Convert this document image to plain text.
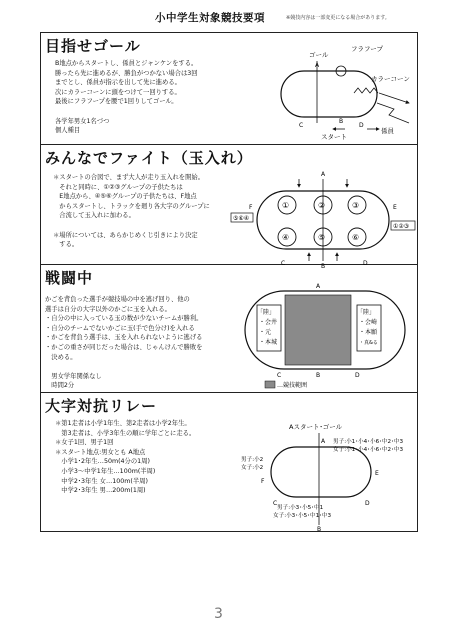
小中学生対象競技要項	※競技内容は一部変更になる場合があります。
目指せゴール
B地点からスタートし、係員とジャンケンをする。
勝ったら先に進めるが、勝負がつかない場合は3回
までとし、係員が指示を出して先に進める。
次にカラーコーンに頭をつけて一回りする。
最後にフラフープを腰で1回りしてゴール。

各学年男女1名づつ
個人種目
ゴール
フラフープ
カラーコーン
スタート
係員
A
B
C	D
みんなでファイト（玉入れ）
＊スタートの合図で、まず大人が走り玉入れを開始。
　それと同時に、①②③グループの子供たちは
　E地点から、④⑤⑥グループの子供たちは、F地点
　からスタートし、トラックを廻り各大字のグループに
　合流して玉入れに加わる。

＊場所については、あらかじめくじ引きにより決定
　する。
①	②	③
④	⑤	⑥
⑤⑥④
①②③
A
B
C	D
E
F
戦闘中
かごを背負った選手が競技場の中を逃げ回り、他の
選手は自分の大字以外のかごに玉を入れる。
・自分の中に入っている玉の数が少ないチームが勝利。
・自分のチームでないかごに玉(手で色分け)を入れる
・かごを背負う選手は、玉を入れられないように逃げる
・かごの重さが同じだった場合は、じゃんけんで勝敗を
　決める。

　男女学年関係なし
　時間2分
「陸」
・会井
・元
・本城
「陸」
・会崎
・本願
・真&る
A
B
C	D
…競技範囲
大字対抗リレー
＊第1走者は小学1年生、第2走者は小学2年生。
　第3走者は、小学3年生の順に学年ごとに走る。
＊女子1回、男子1回
＊スタート地点:男女とも A地点
　小学1･2年生…50m(4分の1周)
　小学3〜中学1年生…100m(半周)
　中学2･3年生 女…100m(半周)
　中学2･3年生 男…200m(1周)
Aスタート･ゴール
男子:小1･小4･小6･中2･中3
女子:小1･小4･小6･中2･中3
男子:小2
女子:小2
男子:小3･小5･中1
女子:小3･小5･中1･中3
A
B
C	D
E
F
3
